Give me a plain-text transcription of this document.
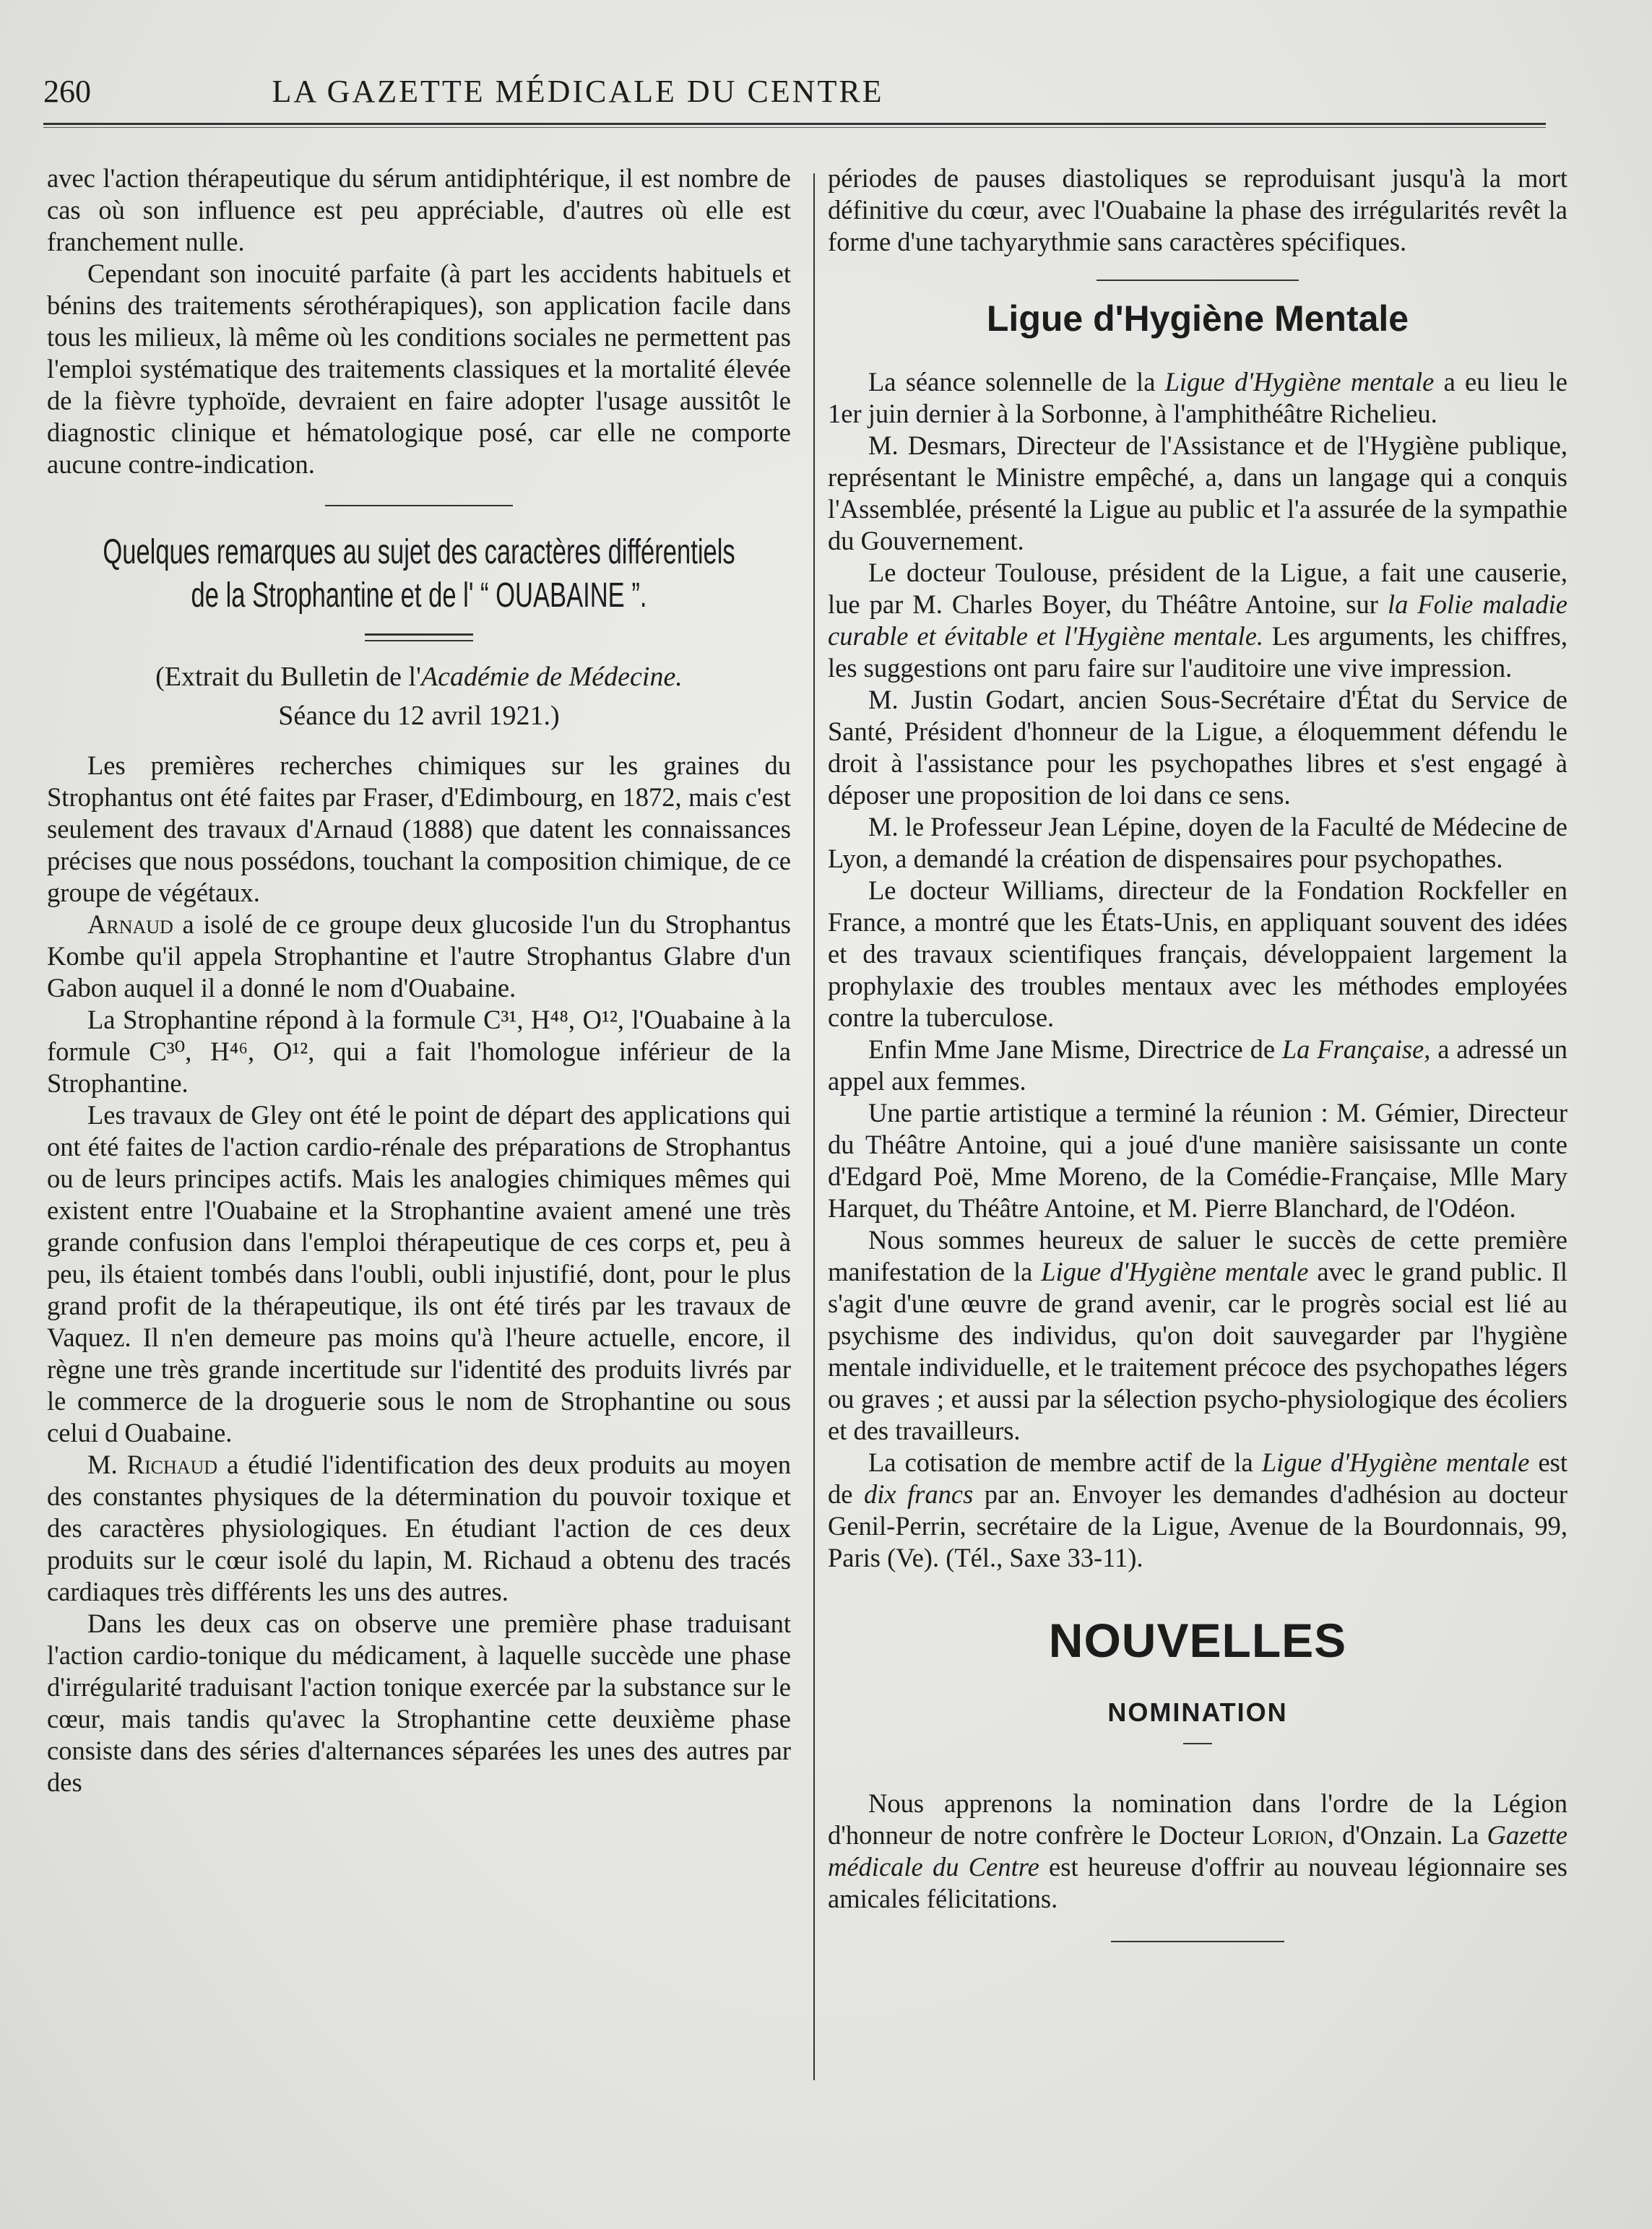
260	LA GAZETTE MÉDICALE DU CENTRE

avec l'action thérapeutique du sérum antidiphtérique, il est nombre de cas où son influence est peu appréciable, d'autres où elle est franchement nulle.

Cependant son inocuité parfaite (à part les accidents habituels et bénins des traitements sérothérapiques), son application facile dans tous les milieux, là même où les conditions sociales ne permettent pas l'emploi systématique des traitements classiques et la mortalité élevée de la fièvre typhoïde, devraient en faire adopter l'usage aussitôt le diagnostic clinique et hématologique posé, car elle ne comporte aucune contre-indication.

Quelques remarques au sujet des caractères différentiels
de la Strophantine et de l' “ OUABAINE ”.
(Extrait du Bulletin de l'Académie de Médecine.
Séance du 12 avril 1921.)

Les premières recherches chimiques sur les graines du Strophantus ont été faites par Fraser, d'Edimbourg, en 1872, mais c'est seulement des travaux d'Arnaud (1888) que datent les connaissances précises que nous possédons, touchant la composition chimique, de ce groupe de végétaux.

Arnaud a isolé de ce groupe deux glucoside l'un du Strophantus Kombe qu'il appela Strophantine et l'autre Strophantus Glabre d'un Gabon auquel il a donné le nom d'Ouabaine.

La Strophantine répond à la formule C³¹, H⁴⁸, O¹², l'Ouabaine à la formule C³⁰, H⁴⁶, O¹², qui a fait l'homologue inférieur de la Strophantine.

Les travaux de Gley ont été le point de départ des applications qui ont été faites de l'action cardio-rénale des préparations de Strophantus ou de leurs principes actifs. Mais les analogies chimiques mêmes qui existent entre l'Ouabaine et la Strophantine avaient amené une très grande confusion dans l'emploi thérapeutique de ces corps et, peu à peu, ils étaient tombés dans l'oubli, oubli injustifié, dont, pour le plus grand profit de la thérapeutique, ils ont été tirés par les travaux de Vaquez. Il n'en demeure pas moins qu'à l'heure actuelle, encore, il règne une très grande incertitude sur l'identité des produits livrés par le commerce de la droguerie sous le nom de Strophantine ou sous celui d Ouabaine.

M. Richaud a étudié l'identification des deux produits au moyen des constantes physiques de la détermination du pouvoir toxique et des caractères physiologiques. En étudiant l'action de ces deux produits sur le cœur isolé du lapin, M. Richaud a obtenu des tracés cardiaques très différents les uns des autres.

Dans les deux cas on observe une première phase traduisant l'action cardio-tonique du médicament, à laquelle succède une phase d'irrégularité traduisant l'action tonique exercée par la substance sur le cœur, mais tandis qu'avec la Strophantine cette deuxième phase consiste dans des séries d'alternances séparées les unes des autres par des

périodes de pauses diastoliques se reproduisant jusqu'à la mort définitive du cœur, avec l'Ouabaine la phase des irrégularités revêt la forme d'une tachyarythmie sans caractères spécifiques.

Ligue d'Hygiène Mentale

La séance solennelle de la Ligue d'Hygiène mentale a eu lieu le 1er juin dernier à la Sorbonne, à l'amphithéâtre Richelieu.

M. Desmars, Directeur de l'Assistance et de l'Hygiène publique, représentant le Ministre empêché, a, dans un langage qui a conquis l'Assemblée, présenté la Ligue au public et l'a assurée de la sympathie du Gouvernement.

Le docteur Toulouse, président de la Ligue, a fait une causerie, lue par M. Charles Boyer, du Théâtre Antoine, sur la Folie maladie curable et évitable et l'Hygiène mentale. Les arguments, les chiffres, les suggestions ont paru faire sur l'auditoire une vive impression.

M. Justin Godart, ancien Sous-Secrétaire d'État du Service de Santé, Président d'honneur de la Ligue, a éloquemment défendu le droit à l'assistance pour les psychopathes libres et s'est engagé à déposer une proposition de loi dans ce sens.

M. le Professeur Jean Lépine, doyen de la Faculté de Médecine de Lyon, a demandé la création de dispensaires pour psychopathes.

Le docteur Williams, directeur de la Fondation Rockfeller en France, a montré que les États-Unis, en appliquant souvent des idées et des travaux scientifiques français, développaient largement la prophylaxie des troubles mentaux avec les méthodes employées contre la tuberculose.

Enfin Mme Jane Misme, Directrice de La Française, a adressé un appel aux femmes.

Une partie artistique a terminé la réunion : M. Gémier, Directeur du Théâtre Antoine, qui a joué d'une manière saisissante un conte d'Edgard Poë, Mme Moreno, de la Comédie-Française, Mlle Mary Harquet, du Théâtre Antoine, et M. Pierre Blanchard, de l'Odéon.

Nous sommes heureux de saluer le succès de cette première manifestation de la Ligue d'Hygiène mentale avec le grand public. Il s'agit d'une œuvre de grand avenir, car le progrès social est lié au psychisme des individus, qu'on doit sauvegarder par l'hygiène mentale individuelle, et le traitement précoce des psychopathes légers ou graves ; et aussi par la sélection psycho-physiologique des écoliers et des travailleurs.

La cotisation de membre actif de la Ligue d'Hygiène mentale est de dix francs par an. Envoyer les demandes d'adhésion au docteur Genil-Perrin, secrétaire de la Ligue, Avenue de la Bourdonnais, 99, Paris (Ve). (Tél., Saxe 33-11).

NOUVELLES
NOMINATION

Nous apprenons la nomination dans l'ordre de la Légion d'honneur de notre confrère le Docteur Lorion, d'Onzain. La Gazette médicale du Centre est heureuse d'offrir au nouveau légionnaire ses amicales félicitations.
